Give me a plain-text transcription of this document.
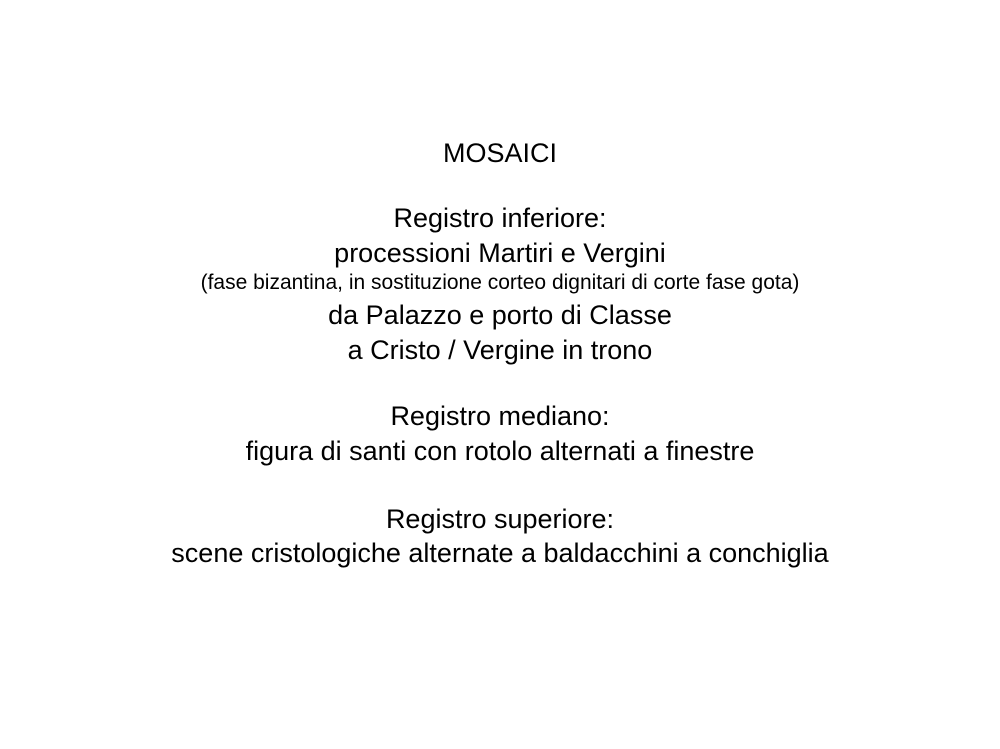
MOSAICI
Registro inferiore:
processioni Martiri e Vergini
(fase bizantina, in sostituzione corteo dignitari di corte fase gota)
da Palazzo e porto di Classe
a Cristo / Vergine in trono
Registro mediano:
figura di santi con rotolo alternati a finestre
Registro superiore:
scene cristologiche alternate a baldacchini a conchiglia
